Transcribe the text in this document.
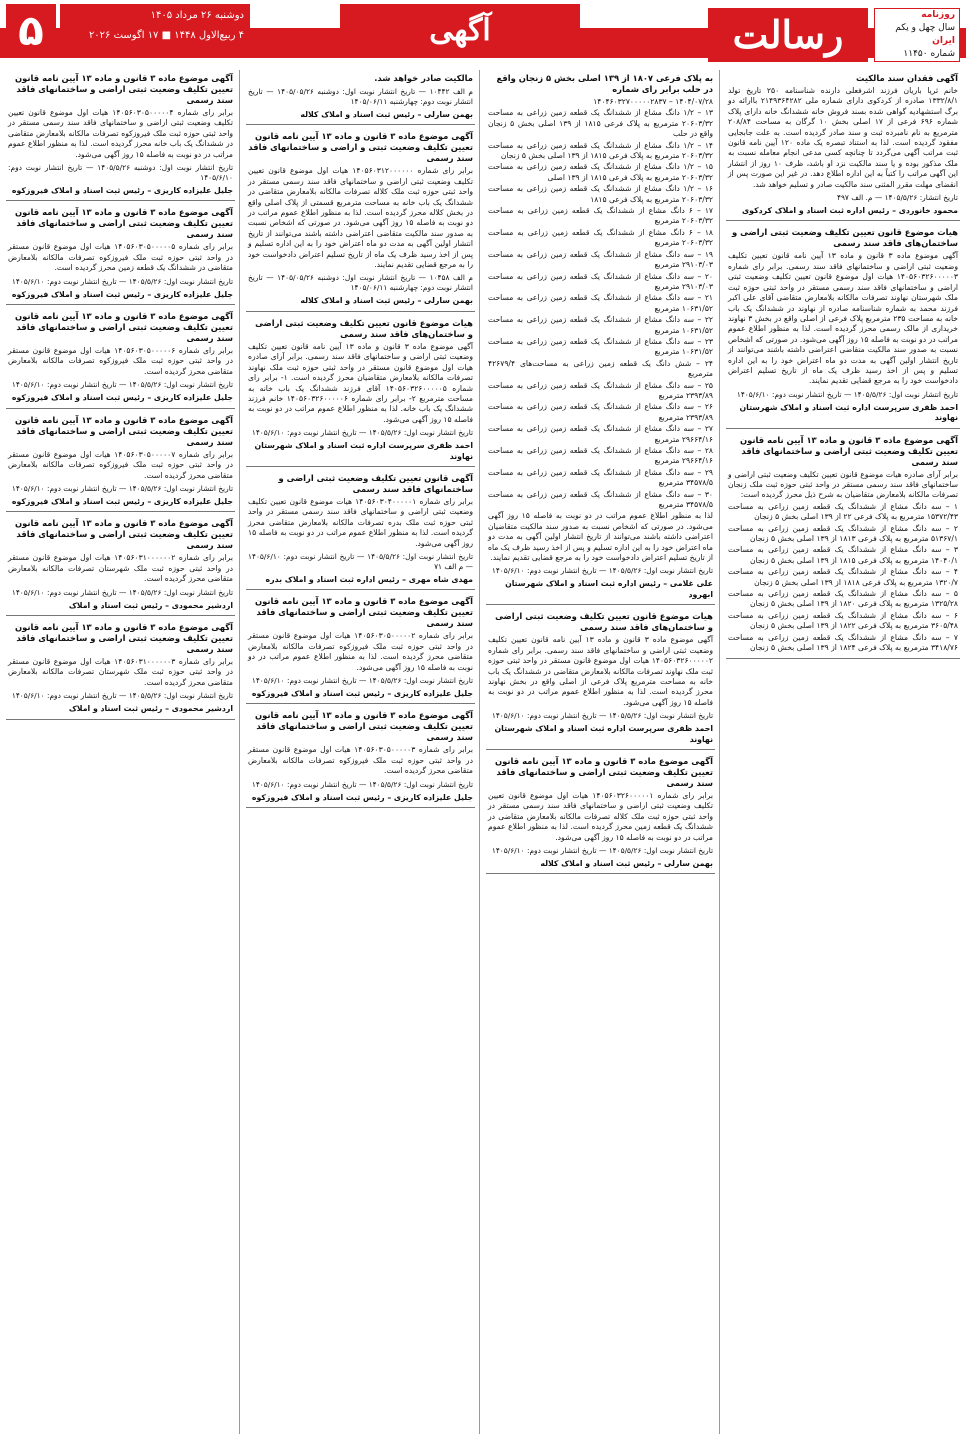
روزنامه
سال چهل و یکم
ایران
شماره ۱۱۴۵۰
رسالت
آگهی
دوشنبه ۲۶ مرداد ۱۴۰۵
۴ ربیع‌الاول ۱۴۴۸ ■ ۱۷ اگوست ۲۰۲۶
۵
آگهی فقدان سند مالکیت
خانم ثریا باریان فرزند اشرفعلی دارنده شناسنامه ۲۵۰ تاریخ تولد ۱۳۳۲/۸/۱ صادره از کردکوی دارای شماره ملی ۲۱۴۹۳۶۴۲۸۲ باارائه دو برگ استشهادیه گواهی شده بسند فروش خانه ششدانگ خانه دارای پلاک شماره ۶۹۶ فرعی از ۱۷ اصلی بخش ۱۰ گرگان به مساحت ۲۰۸/۸۴ مترمربع به نام نامبرده ثبت و سند صادر گردیده است. به علت جابجایی مفقود گردیده است. لذا به استناد تبصره یک ماده ۱۲۰ آیین نامه قانون ثبت مراتب آگهی می‌گردد تا چنانچه کسی مدعی انجام معامله نسبت به ملک مذکور بوده و یا سند مالکیت نزد او باشد، ظرف ۱۰ روز از انتشار این آگهی مراتب را کتباً به این اداره اطلاع دهد. در غیر این صورت پس از انقضای مهلت مقرر المثنی سند مالکیت صادر و تسلیم خواهد شد.
تاریخ انتشار: ۱۴۰۵/۵/۲۶ — م. الف ۴۹۷
محمود خانوردی – رئیس اداره ثبت اسناد و املاک کردکوی
هیات موضوع قانون تعیین تکلیف وضعیت ثبتی اراضی و ساختمان‌های فاقد سند رسمی
آگهی موضوع ماده ۳ قانون و ماده ۱۳ آیین نامه قانون تعیین تکلیف وضعیت ثبتی اراضی و ساختمانهای فاقد سند رسمی. برابر رای شماره ۱۴۰۵۶۰۳۲۶۰۰۰۰۰۳ هیات اول موضوع قانون تعیین تکلیف وضعیت ثبتی اراضی و ساختمانهای فاقد سند رسمی مستقر در واحد ثبتی حوزه ثبت ملک شهرستان نهاوند تصرفات مالکانه بلامعارض متقاضی آقای علی اکبر فرزند محمد به شماره شناسنامه صادره از نهاوند در ششدانگ یک باب خانه به مساحت ۲۳۵ مترمربع پلاک فرعی از اصلی واقع در بخش ۳ نهاوند خریداری از مالک رسمی محرز گردیده است. لذا به منظور اطلاع عموم مراتب در دو نوبت به فاصله ۱۵ روز آگهی می‌شود. در صورتی که اشخاص نسبت به صدور سند مالکیت متقاضی اعتراضی داشته باشند می‌توانند از تاریخ انتشار اولین آگهی به مدت دو ماه اعتراض خود را به این اداره تسلیم و پس از اخذ رسید ظرف یک ماه از تاریخ تسلیم اعتراض دادخواست خود را به مرجع قضایی تقدیم نمایند.
تاریخ انتشار نوبت اول: ۱۴۰۵/۵/۲۶ — تاریخ انتشار نوبت دوم: ۱۴۰۵/۶/۱۰
احمد ظفری سرپرست اداره ثبت اسناد و املاک شهرستان نهاوند
آگهی موضوع ماده ۳ قانون و ماده ۱۳ آیین نامه قانون تعیین تکلیف وضعیت ثبتی اراضی و ساختمانهای فاقد سند رسمی
برابر آرای صادره هیات موضوع قانون تعیین تکلیف وضعیت ثبتی اراضی و ساختمانهای فاقد سند رسمی مستقر در واحد ثبتی حوزه ثبت ملک زنجان تصرفات مالکانه بلامعارض متقاضیان به شرح ذیل محرز گردیده است:
۱ – سه دانگ مشاع از ششدانگ یک قطعه زمین زراعی به مساحت ۱۵۳۷۲/۴۳ مترمربع به پلاک فرعی ۲۲ از ۱۳۹ اصلی بخش ۵ زنجان
۲ – سه دانگ مشاع از ششدانگ یک قطعه زمین زراعی به مساحت ۵۱۳۶۷/۱ مترمربع به پلاک فرعی ۱۸۱۳ از ۱۳۹ اصلی بخش ۵ زنجان
۳ – سه دانگ مشاع از ششدانگ یک قطعه زمین زراعی به مساحت ۱۴۰۴۰/۱ مترمربع به پلاک فرعی ۱۸۱۵ از ۱۳۹ اصلی بخش ۵ زنجان
۴ – سه دانگ مشاع از ششدانگ یک قطعه زمین زراعی به مساحت ۱۳۲۰/۷ مترمربع به پلاک فرعی ۱۸۱۸ از ۱۳۹ اصلی بخش ۵ زنجان
۵ – سه دانگ مشاع از ششدانگ یک قطعه زمین زراعی به مساحت ۱۳۲۵/۲۸ مترمربع به پلاک فرعی ۱۸۲۰ از ۱۳۹ اصلی بخش ۵ زنجان
۶ – سه دانگ مشاع از ششدانگ یک قطعه زمین زراعی به مساحت ۳۶۰۵/۴۸ مترمربع به پلاک فرعی ۱۸۲۲ از ۱۳۹ اصلی بخش ۵ زنجان
۷ – سه دانگ مشاع از ششدانگ یک قطعه زمین زراعی به مساحت ۳۴۱۸/۷۶ مترمربع به پلاک فرعی ۱۸۲۴ از ۱۳۹ اصلی بخش ۵ زنجان
به پلاک فرعی ۱۸۰۷ از ۱۳۹ اصلی بخش ۵ زنجان واقع در حلب برابر رای شماره
۱۴۰۴/۰۷/۲۸ – ۱۴۰۴۶۰۳۲۷۰۰۰۰۰۲۸۳۷
۱۳ – ۱/۲ دانگ مشاع از ششدانگ یک قطعه زمین زراعی به مساحت ۲۰۶۰۳/۳۲ مترمربع به پلاک فرعی ۱۸۱۵ از ۱۳۹ اصلی بخش ۵ زنجان واقع در حلب
۱۴ – ۱/۲ دانگ مشاع از ششدانگ یک قطعه زمین زراعی به مساحت ۲۰۶۰۳/۳۲ مترمربع به پلاک فرعی ۱۸۱۵ از ۱۳۹ اصلی بخش ۵ زنجان
۱۵ – ۱/۲ دانگ مشاع از ششدانگ یک قطعه زمین زراعی به مساحت ۲۰۶۰۳/۳۲ مترمربع به پلاک فرعی ۱۸۱۵ از ۱۳۹ اصلی
۱۶ – ۱/۲ دانگ مشاع از ششدانگ یک قطعه زمین زراعی به مساحت ۲۰۶۰۳/۳۲ مترمربع به پلاک فرعی ۱۸۱۵
۱۷ – ۶ دانگ مشاع از ششدانگ یک قطعه زمین زراعی به مساحت ۲۰۶۰۳/۳۲ مترمربع
۱۸ – ۶ دانگ مشاع از ششدانگ یک قطعه زمین زراعی به مساحت ۲۰۶۰۳/۳۲ مترمربع
۱۹ – سه دانگ مشاع از ششدانگ یک قطعه زمین زراعی به مساحت ۲۹۱۰۳/۰۳ مترمربع
۲۰ – سه دانگ مشاع از ششدانگ یک قطعه زمین زراعی به مساحت ۲۹۱۰۳/۰۳ مترمربع
۲۱ – سه دانگ مشاع از ششدانگ یک قطعه زمین زراعی به مساحت ۱۰۶۳۱/۵۲ مترمربع
۲۲ – سه دانگ مشاع از ششدانگ یک قطعه زمین زراعی به مساحت ۱۰۶۳۱/۵۲ مترمربع
۲۳ – سه دانگ مشاع از ششدانگ یک قطعه زمین زراعی به مساحت ۱۰۶۳۱/۵۲ مترمربع
۲۴ – شش دانگ یک قطعه زمین زراعی به مساحت‌های ۴۲۶۷۹/۴ مترمربع
۲۵ – سه دانگ مشاع از ششدانگ یک قطعه زمین زراعی به مساحت ۲۳۹۳/۸۹ مترمربع
۲۶ – سه دانگ مشاع از ششدانگ یک قطعه زمین زراعی به مساحت ۲۳۹۳/۸۹ مترمربع
۲۷ – سه دانگ مشاع از ششدانگ یک قطعه زمین زراعی به مساحت ۲۹۶۶۴/۱۶ مترمربع
۲۸ – سه دانگ مشاع از ششدانگ یک قطعه زمین زراعی به مساحت ۲۹۶۶۴/۱۶ مترمربع
۲۹ – سه دانگ مشاع از ششدانگ یک قطعه زمین زراعی به مساحت ۳۴۵۷۸/۵ مترمربع
۳۰ – سه دانگ مشاع از ششدانگ یک قطعه زمین زراعی به مساحت ۳۴۵۷۸/۵ مترمربع
لذا به منظور اطلاع عموم مراتب در دو نوبت به فاصله ۱۵ روز آگهی می‌شود. در صورتی که اشخاص نسبت به صدور سند مالکیت متقاضیان اعتراضی داشته باشند می‌توانند از تاریخ انتشار اولین آگهی به مدت دو ماه اعتراض خود را به این اداره تسلیم و پس از اخذ رسید ظرف یک ماه از تاریخ تسلیم اعتراض دادخواست خود را به مرجع قضایی تقدیم نمایند.
تاریخ انتشار نوبت اول: ۱۴۰۵/۵/۲۶ — تاریخ انتشار نوبت دوم: ۱۴۰۵/۶/۱۰
علی غلامی – رئیس اداره ثبت اسناد و املاک شهرستان ابهرود
هیات موضوع قانون تعیین تکلیف وضعیت ثبتی اراضی و ساختمان‌های فاقد سند رسمی
آگهی موضوع ماده ۳ قانون و ماده ۱۳ آیین نامه قانون تعیین تکلیف وضعیت ثبتی اراضی و ساختمانهای فاقد سند رسمی. برابر رای شماره ۱۴۰۵۶۰۳۲۶۰۰۰۰۰۲ هیات اول موضوع قانون مستقر در واحد ثبتی حوزه ثبت ملک نهاوند تصرفات مالکانه بلامعارض متقاضی در ششدانگ یک باب خانه به مساحت مترمربع پلاک فرعی از اصلی واقع در بخش نهاوند محرز گردیده است. لذا به منظور اطلاع عموم مراتب در دو نوبت به فاصله ۱۵ روز آگهی می‌شود.
تاریخ انتشار نوبت اول: ۱۴۰۵/۵/۲۶ — تاریخ انتشار نوبت دوم: ۱۴۰۵/۶/۱۰
احمد ظفری سرپرست اداره ثبت اسناد و املاک شهرستان نهاوند
آگهی موضوع ماده ۳ قانون و ماده ۱۳ آیین نامه قانون تعیین تکلیف وضعیت ثبتی اراضی و ساختمانهای فاقد سند رسمی
برابر رای شماره ۱۴۰۵۶۰۳۲۶۰۰۰۰۰۱ هیات اول موضوع قانون تعیین تکلیف وضعیت ثبتی اراضی و ساختمانهای فاقد سند رسمی مستقر در واحد ثبتی حوزه ثبت ملک کلاله تصرفات مالکانه بلامعارض متقاضی در ششدانگ یک قطعه زمین محرز گردیده است. لذا به منظور اطلاع عموم مراتب در دو نوبت به فاصله ۱۵ روز آگهی می‌شود.
تاریخ انتشار نوبت اول: ۱۴۰۵/۵/۲۶ — تاریخ انتشار نوبت دوم: ۱۴۰۵/۶/۱۰
بهمن سارلی – رئیس ثبت اسناد و املاک کلاله
مالکیت صادر خواهد شد.
م الف ۱۰۴۴۲ — تاریخ انتشار نوبت اول: دوشنبه ۱۴۰۵/۰۵/۲۶ — تاریخ انتشار نوبت دوم: چهارشنبه ۱۴۰۵/۰۶/۱۱
بهمن سارلی – رئیس ثبت اسناد و املاک کلاله
آگهی موضوع ماده ۳ قانون و ماده ۱۳ آیین نامه قانون تعیین تکلیف وضعیت ثبتی و اراضی و ساختمانهای فاقد سند رسمی
برابر رای شماره ۱۴۰۵۶۰۳۱۲۰۰۰۰۰۰ هیات اول موضوع قانون تعیین تکلیف وضعیت ثبتی اراضی و ساختمانهای فاقد سند رسمی مستقر در واحد ثبتی حوزه ثبت ملک کلاله تصرفات مالکانه بلامعارض متقاضی در ششدانگ یک باب خانه به مساحت مترمربع قسمتی از پلاک اصلی واقع در بخش کلاله محرز گردیده است. لذا به منظور اطلاع عموم مراتب در دو نوبت به فاصله ۱۵ روز آگهی می‌شود. در صورتی که اشخاص نسبت به صدور سند مالکیت متقاضی اعتراضی داشته باشند می‌توانند از تاریخ انتشار اولین آگهی به مدت دو ماه اعتراض خود را به این اداره تسلیم و پس از اخذ رسید ظرف یک ماه از تاریخ تسلیم اعتراض دادخواست خود را به مرجع قضایی تقدیم نمایند.
م الف ۱۰۴۵۸ — تاریخ انتشار نوبت اول: دوشنبه ۱۴۰۵/۰۵/۲۶ — تاریخ انتشار نوبت دوم: چهارشنبه ۱۴۰۵/۰۶/۱۱
بهمن سارلی – رئیس ثبت اسناد و املاک کلاله
هیات موضوع قانون تعیین تکلیف وضعیت ثبتی اراضی و ساختمان‌های فاقد سند رسمی
آگهی موضوع ماده ۳ قانون و ماده ۱۳ آیین نامه قانون تعیین تکلیف وضعیت ثبتی اراضی و ساختمانهای فاقد سند رسمی. برابر آرای صادره هیات اول موضوع قانون مستقر در واحد ثبتی حوزه ثبت ملک نهاوند تصرفات مالکانه بلامعارض متقاضیان محرز گردیده است. ۱- برابر رای شماره ۱۴۰۵۶۰۳۲۶۰۰۰۰۰۵ آقای فرزند ششدانگ یک باب خانه به مساحت مترمربع ۲- برابر رای شماره ۱۴۰۵۶۰۳۲۶۰۰۰۰۰۶ خانم فرزند ششدانگ یک باب خانه. لذا به منظور اطلاع عموم مراتب در دو نوبت به فاصله ۱۵ روز آگهی می‌شود.
تاریخ انتشار نوبت اول: ۱۴۰۵/۵/۲۶ — تاریخ انتشار نوبت دوم: ۱۴۰۵/۶/۱۰
احمد ظفری سرپرست اداره ثبت اسناد و املاک شهرستان نهاوند
آگهی قانون تعیین تکلیف وضعیت ثبتی اراضی و ساختمانهای فاقد سند رسمی
برابر رای شماره ۱۴۰۵۶۰۳۰۴۰۰۰۰۰۱ هیات موضوع قانون تعیین تکلیف وضعیت ثبتی اراضی و ساختمانهای فاقد سند رسمی مستقر در واحد ثبتی حوزه ثبت ملک بدره تصرفات مالکانه بلامعارض متقاضی محرز گردیده است. لذا به منظور اطلاع عموم مراتب در دو نوبت به فاصله ۱۵ روز آگهی می‌شود.
تاریخ انتشار نوبت اول: ۱۴۰۵/۵/۲۶ — تاریخ انتشار نوبت دوم: ۱۴۰۵/۶/۱۰ — م الف ۷۱
مهدی شاه مهری – رئیس اداره ثبت اسناد و املاک بدره
آگهی موضوع ماده ۳ قانون و ماده ۱۳ آیین نامه قانون تعیین تکلیف وضعیت ثبتی اراضی و ساختمانهای فاقد سند رسمی
برابر رای شماره ۱۴۰۵۶۰۳۰۵۰۰۰۰۰۲ هیات اول موضوع قانون مستقر در واحد ثبتی حوزه ثبت ملک فیروزکوه تصرفات مالکانه بلامعارض متقاضی محرز گردیده است. لذا به منظور اطلاع عموم مراتب در دو نوبت به فاصله ۱۵ روز آگهی می‌شود.
تاریخ انتشار نوبت اول: ۱۴۰۵/۵/۲۶ — تاریخ انتشار نوبت دوم: ۱۴۰۵/۶/۱۰
جلیل علیزاده کاریزی – رئیس ثبت اسناد و املاک فیروزکوه
آگهی موضوع ماده ۳ قانون و ماده ۱۳ آیین نامه قانون تعیین تکلیف وضعیت ثبتی اراضی و ساختمانهای فاقد سند رسمی
برابر رای شماره ۱۴۰۵۶۰۳۰۵۰۰۰۰۰۳ هیات اول موضوع قانون مستقر در واحد ثبتی حوزه ثبت ملک فیروزکوه تصرفات مالکانه بلامعارض متقاضی محرز گردیده است.
تاریخ انتشار نوبت اول: ۱۴۰۵/۵/۲۶ — تاریخ انتشار نوبت دوم: ۱۴۰۵/۶/۱۰
جلیل علیزاده کاریزی – رئیس ثبت اسناد و املاک فیروزکوه
آگهی موضوع ماده ۳ قانون و ماده ۱۳ آیین نامه قانون تعیین تکلیف وضعیت ثبتی اراضی و ساختمانهای فاقد سند رسمی
برابر رای شماره ۱۴۰۵۶۰۳۰۵۰۰۰۰۰۴ هیات اول موضوع قانون تعیین تکلیف وضعیت ثبتی اراضی و ساختمانهای فاقد سند رسمی مستقر در واحد ثبتی حوزه ثبت ملک فیروزکوه تصرفات مالکانه بلامعارض متقاضی در ششدانگ یک باب خانه محرز گردیده است. لذا به منظور اطلاع عموم مراتب در دو نوبت به فاصله ۱۵ روز آگهی می‌شود.
تاریخ انتشار نوبت اول: دوشنبه ۱۴۰۵/۵/۲۶ — تاریخ انتشار نوبت دوم: ۱۴۰۵/۶/۱۰
جلیل علیزاده کاریزی – رئیس ثبت اسناد و املاک فیروزکوه
آگهی موضوع ماده ۳ قانون و ماده ۱۳ آیین نامه قانون تعیین تکلیف وضعیت ثبتی اراضی و ساختمانهای فاقد سند رسمی
برابر رای شماره ۱۴۰۵۶۰۳۰۵۰۰۰۰۰۵ هیات اول موضوع قانون مستقر در واحد ثبتی حوزه ثبت ملک فیروزکوه تصرفات مالکانه بلامعارض متقاضی در ششدانگ یک قطعه زمین محرز گردیده است.
تاریخ انتشار نوبت اول: ۱۴۰۵/۵/۲۶ — تاریخ انتشار نوبت دوم: ۱۴۰۵/۶/۱۰
جلیل علیزاده کاریزی – رئیس ثبت اسناد و املاک فیروزکوه
آگهی موضوع ماده ۳ قانون و ماده ۱۳ آیین نامه قانون تعیین تکلیف وضعیت ثبتی اراضی و ساختمانهای فاقد سند رسمی
برابر رای شماره ۱۴۰۵۶۰۳۰۵۰۰۰۰۰۶ هیات اول موضوع قانون مستقر در واحد ثبتی حوزه ثبت ملک فیروزکوه تصرفات مالکانه بلامعارض متقاضی محرز گردیده است.
تاریخ انتشار نوبت اول: ۱۴۰۵/۵/۲۶ — تاریخ انتشار نوبت دوم: ۱۴۰۵/۶/۱۰
جلیل علیزاده کاریزی – رئیس ثبت اسناد و املاک فیروزکوه
آگهی موضوع ماده ۳ قانون و ماده ۱۳ آیین نامه قانون تعیین تکلیف وضعیت ثبتی اراضی و ساختمانهای فاقد سند رسمی
برابر رای شماره ۱۴۰۵۶۰۳۰۵۰۰۰۰۰۷ هیات اول موضوع قانون مستقر در واحد ثبتی حوزه ثبت ملک فیروزکوه تصرفات مالکانه بلامعارض متقاضی محرز گردیده است.
تاریخ انتشار نوبت اول: ۱۴۰۵/۵/۲۶ — تاریخ انتشار نوبت دوم: ۱۴۰۵/۶/۱۰
جلیل علیزاده کاریزی – رئیس ثبت اسناد و املاک فیروزکوه
آگهی موضوع ماده ۳ قانون و ماده ۱۳ آیین نامه قانون تعیین تکلیف وضعیت ثبتی اراضی و ساختمانهای فاقد سند رسمی
برابر رای شماره ۱۴۰۵۶۰۳۱۰۰۰۰۰۰۲ هیات اول موضوع قانون مستقر در واحد ثبتی حوزه ثبت ملک شهرستان تصرفات مالکانه بلامعارض متقاضی محرز گردیده است.
تاریخ انتشار نوبت اول: ۱۴۰۵/۵/۲۶ — تاریخ انتشار نوبت دوم: ۱۴۰۵/۶/۱۰
اردشیر محمودی – رئیس ثبت اسناد و املاک
آگهی موضوع ماده ۳ قانون و ماده ۱۳ آیین نامه قانون تعیین تکلیف وضعیت ثبتی اراضی و ساختمانهای فاقد سند رسمی
برابر رای شماره ۱۴۰۵۶۰۳۱۰۰۰۰۰۰۳ هیات اول موضوع قانون مستقر در واحد ثبتی حوزه ثبت ملک شهرستان تصرفات مالکانه بلامعارض متقاضی محرز گردیده است.
تاریخ انتشار نوبت اول: ۱۴۰۵/۵/۲۶ — تاریخ انتشار نوبت دوم: ۱۴۰۵/۶/۱۰
اردشیر محمودی – رئیس ثبت اسناد و املاک
